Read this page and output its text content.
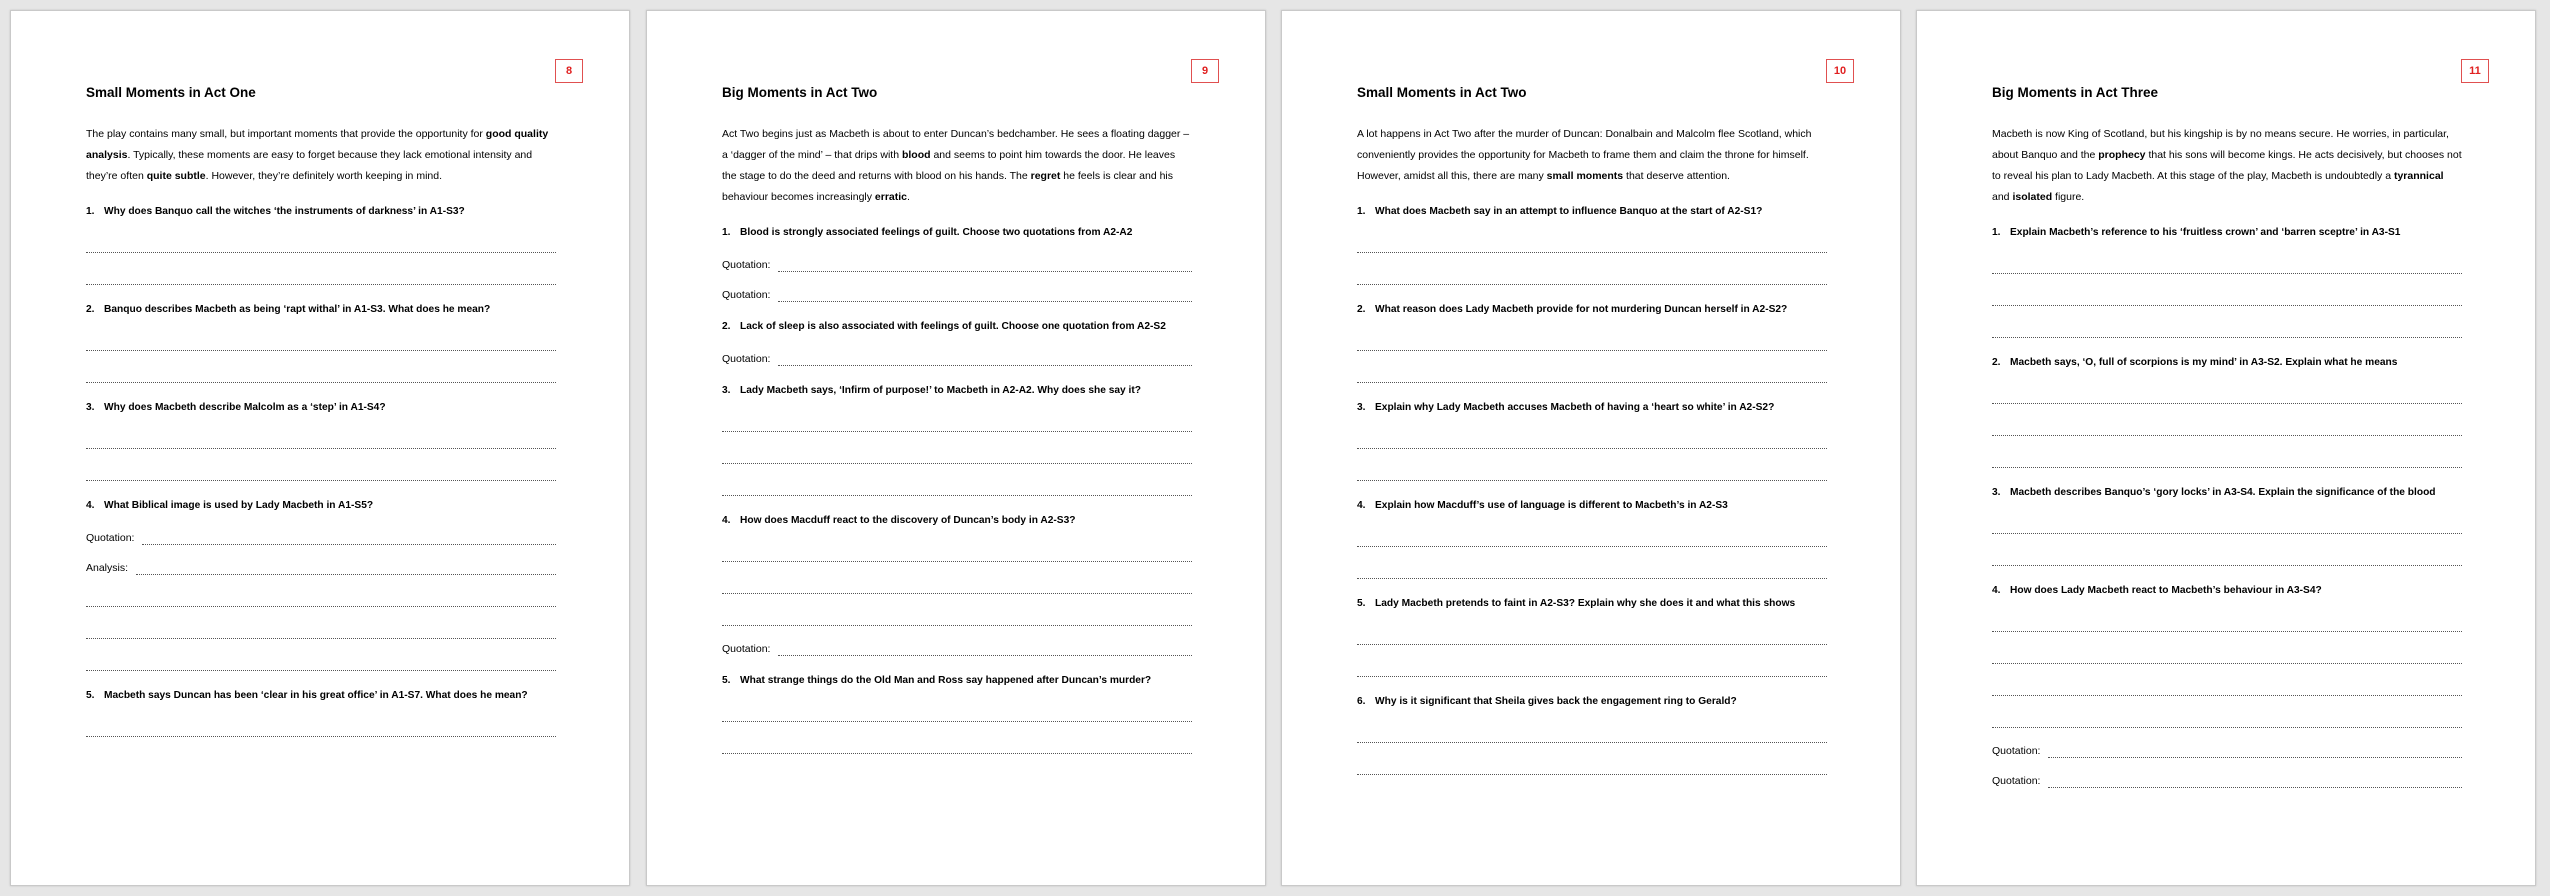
8
Small Moments in Act One
The play contains many small, but important moments that provide the opportunity for good quality analysis. Typically, these moments are easy to forget because they lack emotional intensity and they’re often quite subtle. However, they’re definitely worth keeping in mind.
1. Why does Banquo call the witches ‘the instruments of darkness’ in A1-S3?
2. Banquo describes Macbeth as being ‘rapt withal’ in A1-S3. What does he mean?
3. Why does Macbeth describe Malcolm as a ‘step’ in A1-S4?
4. What Biblical image is used by Lady Macbeth in A1-S5?
Quotation:
Analysis:
5. Macbeth says Duncan has been ‘clear in his great office’ in A1-S7. What does he mean?
9
Big Moments in Act Two
Act Two begins just as Macbeth is about to enter Duncan’s bedchamber. He sees a floating dagger – a ‘dagger of the mind’ – that drips with blood and seems to point him towards the door. He leaves the stage to do the deed and returns with blood on his hands. The regret he feels is clear and his behaviour becomes increasingly erratic.
1. Blood is strongly associated feelings of guilt. Choose two quotations from A2-A2
Quotation:
Quotation:
2. Lack of sleep is also associated with feelings of guilt. Choose one quotation from A2-S2
Quotation:
3. Lady Macbeth says, ‘Infirm of purpose!’ to Macbeth in A2-A2. Why does she say it?
4. How does Macduff react to the discovery of Duncan’s body in A2-S3?
Quotation:
5. What strange things do the Old Man and Ross say happened after Duncan’s murder?
10
Small Moments in Act Two
A lot happens in Act Two after the murder of Duncan: Donalbain and Malcolm flee Scotland, which conveniently provides the opportunity for Macbeth to frame them and claim the throne for himself. However, amidst all this, there are many small moments that deserve attention.
1. What does Macbeth say in an attempt to influence Banquo at the start of A2-S1?
2. What reason does Lady Macbeth provide for not murdering Duncan herself in A2-S2?
3. Explain why Lady Macbeth accuses Macbeth of having a ‘heart so white’ in A2-S2?
4. Explain how Macduff’s use of language is different to Macbeth’s in A2-S3
5. Lady Macbeth pretends to faint in A2-S3? Explain why she does it and what this shows
6. Why is it significant that Sheila gives back the engagement ring to Gerald?
11
Big Moments in Act Three
Macbeth is now King of Scotland, but his kingship is by no means secure. He worries, in particular, about Banquo and the prophecy that his sons will become kings. He acts decisively, but chooses not to reveal his plan to Lady Macbeth. At this stage of the play, Macbeth is undoubtedly a tyrannical and isolated figure.
1. Explain Macbeth’s reference to his ‘fruitless crown’ and ‘barren sceptre’ in A3-S1
2. Macbeth says, ‘O, full of scorpions is my mind’ in A3-S2. Explain what he means
3. Macbeth describes Banquo’s ‘gory locks’ in A3-S4. Explain the significance of the blood
4. How does Lady Macbeth react to Macbeth’s behaviour in A3-S4?
Quotation:
Quotation:
